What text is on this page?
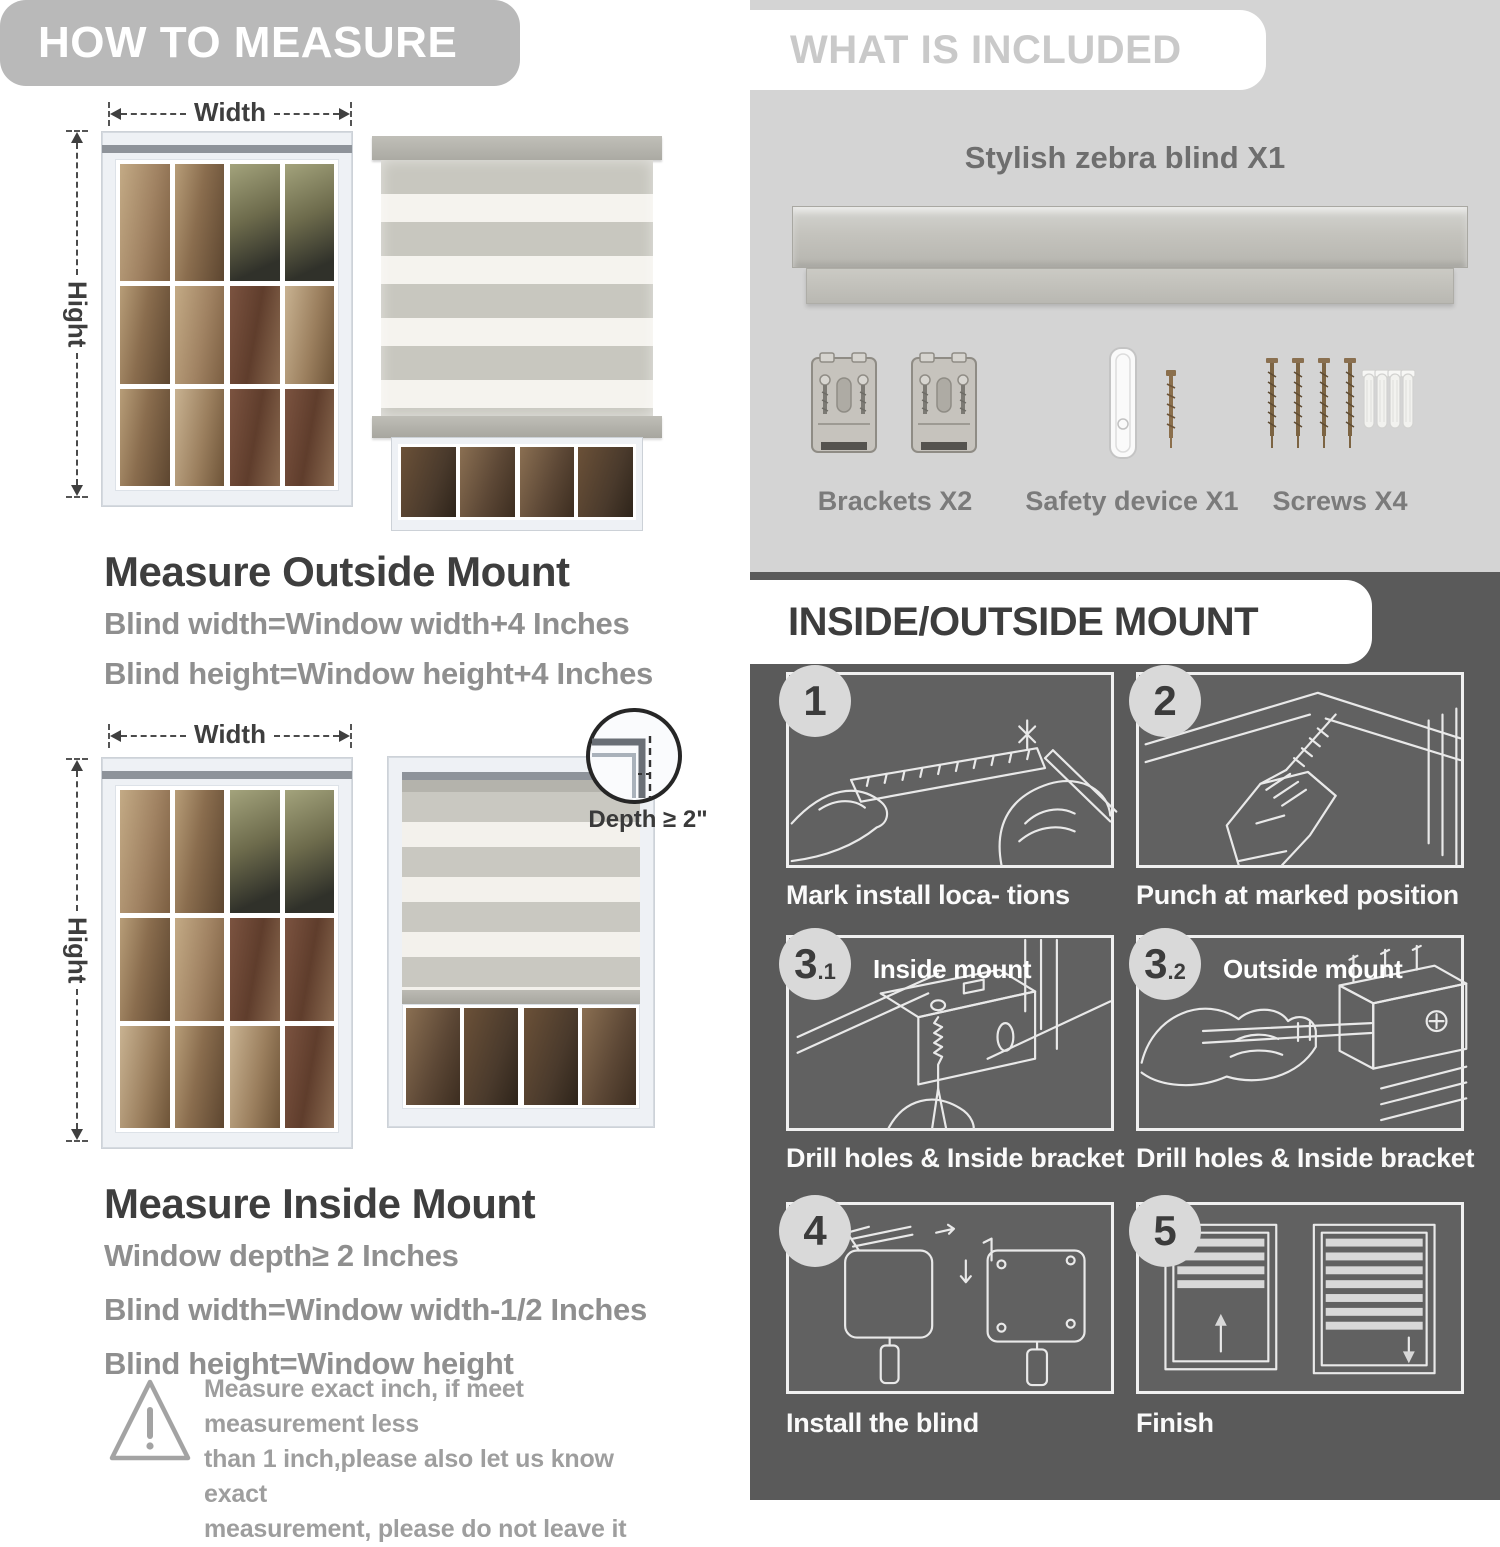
HOW TO MEASURE
Width
Hight
Measure Outside Mount
Blind width=Window width+4 Inches
Blind height=Window height+4 Inches
Width
Hight
Depth ≥ 2"
Measure Inside Mount
Window depth≥ 2 Inches
Blind width=Window width-1/2 Inches
Blind height=Window height
Measure exact inch, if meet measurement less
than 1 inch,please also let us know exact
measurement, please do not leave it
WHAT IS INCLUDED
Stylish zebra blind X1
Brackets X2	Safety device X1	Screws X4
INSIDE/OUTSIDE MOUNT
1
Mark install loca- tions
2
Punch at marked position
3 .1 Inside mount
Drill holes & Inside bracket
3 .2 Outside mount
Drill holes & Inside bracket
4
Install the blind
5
Finish
